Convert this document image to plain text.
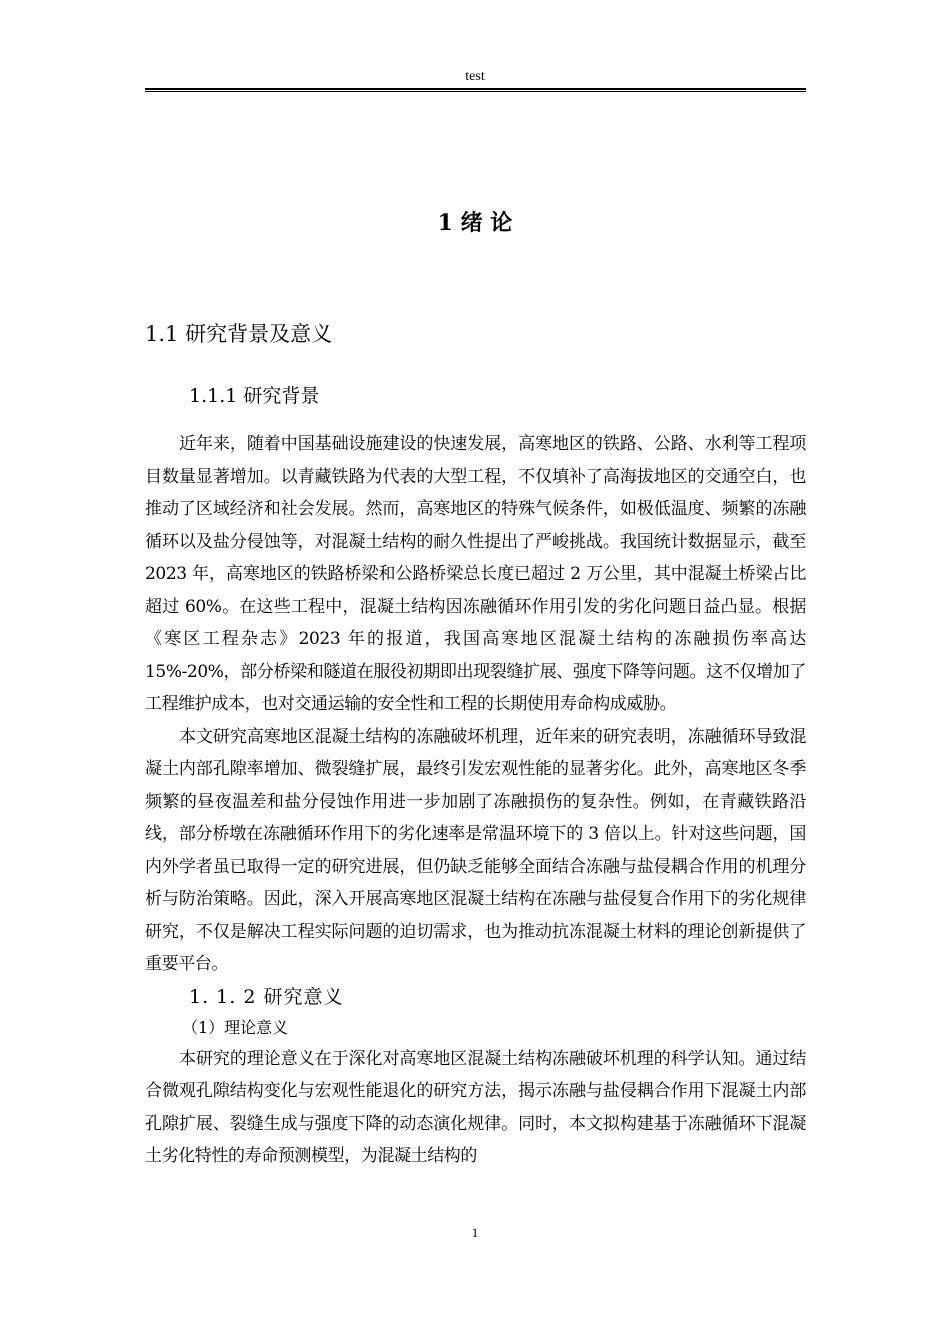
test
1 绪 论
1.1 研究背景及意义
1.1.1 研究背景

近年来，随着中国基础设施建设的快速发展，高寒地区的铁路、公路、水利等工程项目数量显著增加。以青藏铁路为代表的大型工程，不仅填补了高海拔地区的交通空白，也推动了区域经济和社会发展。然而，高寒地区的特殊气候条件，如极低温度、频繁的冻融循环以及盐分侵蚀等，对混凝土结构的耐久性提出了严峻挑战。我国统计数据显示，截至 2023 年，高寒地区的铁路桥梁和公路桥梁总长度已超过 2 万公里，其中混凝土桥梁占比超过 60%。在这些工程中，混凝土结构因冻融循环作用引发的劣化问题日益凸显。根据《寒区工程杂志》2023 年的报道，我国高寒地区混凝土结构的冻融损伤率高达 15%-20%，部分桥梁和隧道在服役初期即出现裂缝扩展、强度下降等问题。这不仅增加了工程维护成本，也对交通运输的安全性和工程的长期使用寿命构成威胁。

本文研究高寒地区混凝土结构的冻融破坏机理，近年来的研究表明，冻融循环导致混凝土内部孔隙率增加、微裂缝扩展，最终引发宏观性能的显著劣化。此外，高寒地区冬季频繁的昼夜温差和盐分侵蚀作用进一步加剧了冻融损伤的复杂性。例如，在青藏铁路沿线，部分桥墩在冻融循环作用下的劣化速率是常温环境下的 3 倍以上。针对这些问题，国内外学者虽已取得一定的研究进展，但仍缺乏能够全面结合冻融与盐侵耦合作用的机理分析与防治策略。因此，深入开展高寒地区混凝土结构在冻融与盐侵复合作用下的劣化规律研究，不仅是解决工程实际问题的迫切需求，也为推动抗冻混凝土材料的理论创新提供了重要平台。

1. 1. 2 研究意义

（1）理论意义

本研究的理论意义在于深化对高寒地区混凝土结构冻融破坏机理的科学认知。通过结合微观孔隙结构变化与宏观性能退化的研究方法，揭示冻融与盐侵耦合作用下混凝土内部孔隙扩展、裂缝生成与强度下降的动态演化规律。同时，本文拟构建基于冻融循环下混凝土劣化特性的寿命预测模型，为混凝土结构的

1
